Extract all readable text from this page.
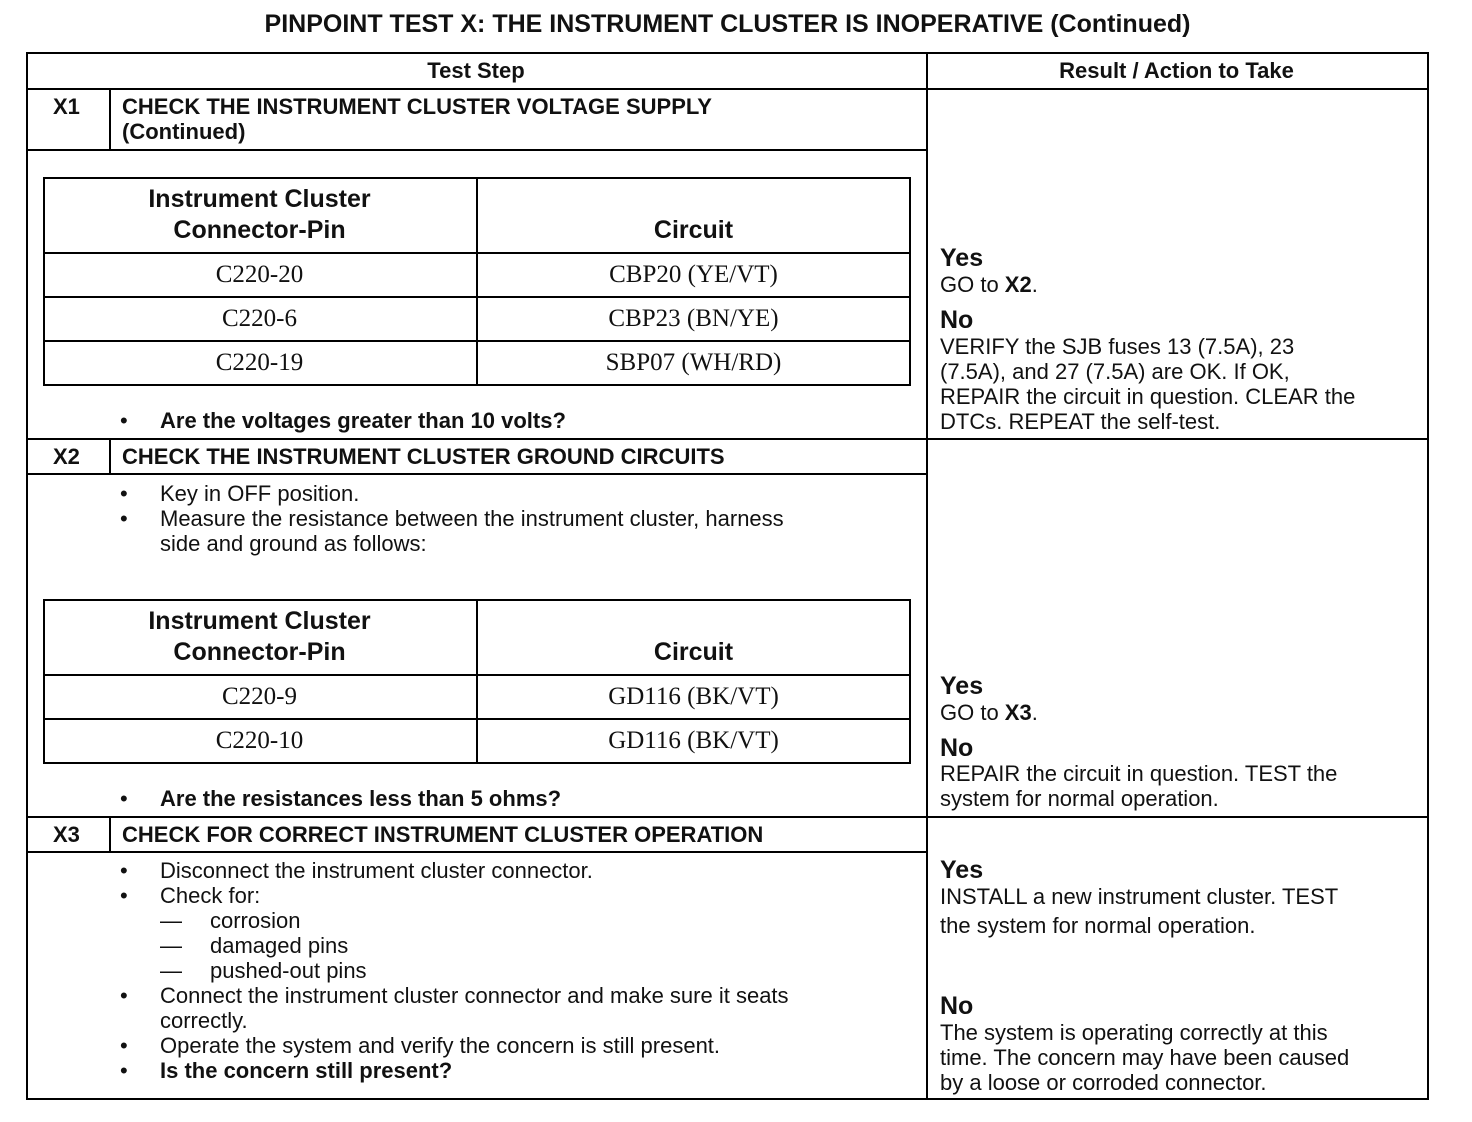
PINPOINT TEST X: THE INSTRUMENT CLUSTER IS INOPERATIVE (Continued)
Test Step	Result / Action to Take
X1 CHECK THE INSTRUMENT CLUSTER VOLTAGE SUPPLY
(Continued)
Instrument Cluster
Connector-Pin	Circuit
C220-20	CBP20 (YE/VT)
C220-6	CBP23 (BN/YE)
C220-19	SBP07 (WH/RD)
• Are the voltages greater than 10 volts?
Yes
GO to X2.
No
VERIFY the SJB fuses 13 (7.5A), 23
(7.5A), and 27 (7.5A) are OK. If OK,
REPAIR the circuit in question. CLEAR the
DTCs. REPEAT the self-test.
X2 CHECK THE INSTRUMENT CLUSTER GROUND CIRCUITS
• Key in OFF position.
• Measure the resistance between the instrument cluster, harness
side and ground as follows:
Instrument Cluster
Connector-Pin	Circuit
C220-9	GD116 (BK/VT)
C220-10	GD116 (BK/VT)
• Are the resistances less than 5 ohms?
Yes
GO to X3.
No
REPAIR the circuit in question. TEST the
system for normal operation.
X3 CHECK FOR CORRECT INSTRUMENT CLUSTER OPERATION
• Disconnect the instrument cluster connector.
• Check for:
— corrosion
— damaged pins
— pushed-out pins
• Connect the instrument cluster connector and make sure it seats
correctly.
• Operate the system and verify the concern is still present.
• Is the concern still present?
Yes
INSTALL a new instrument cluster. TEST
the system for normal operation.
No
The system is operating correctly at this
time. The concern may have been caused
by a loose or corroded connector.
